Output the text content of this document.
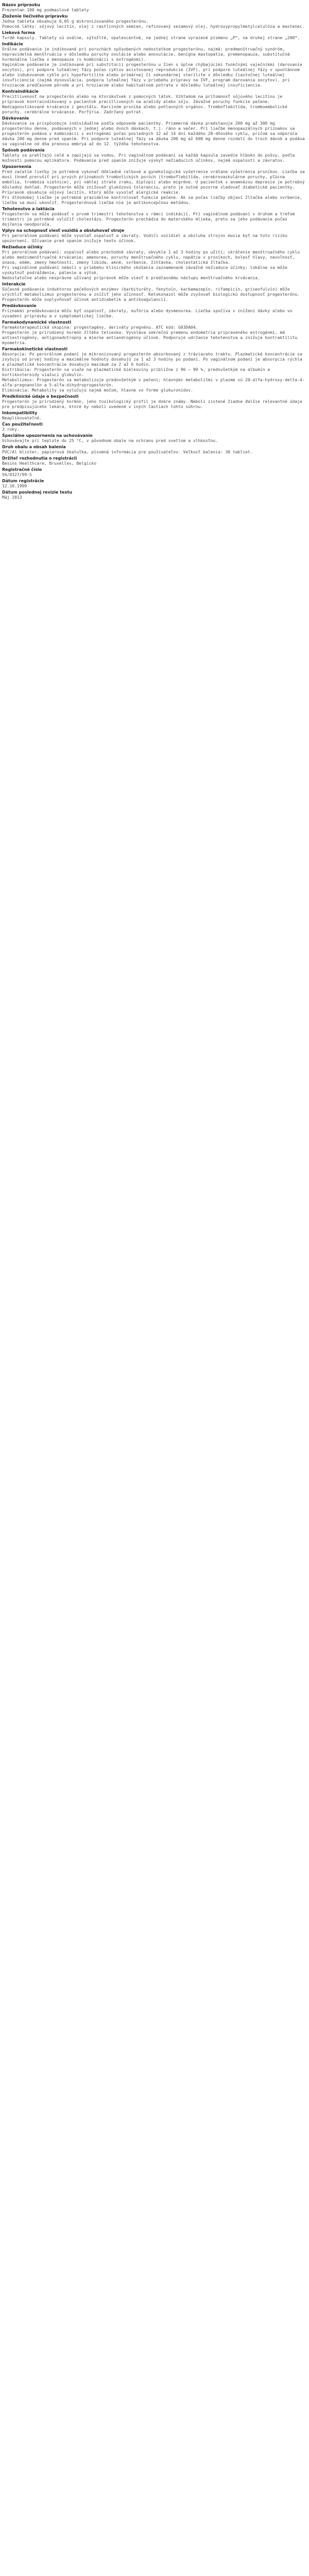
Názov prípravku
Prezentan 100 mg podmaslové tablety
Zloženie liečivého prípravku
Jedna tableta obsahuje 0,05 g mikronizovaného progesterónu.
Pomocné látky: sójový lecitín, olej z rastlinných semien, rafinovaný sezamový olej, hydroxypropylmetylcelulóza a mastenec.
Lieková forma
Tvrdé kapsuly. Tablety sú oválne, sýtožlté, opalescentné, na jednej strane vyrazené písmeno „P“, na druhej strane „200“.
Indikácie
Orálne podávanie je indikované pri poruchách spôsobených nedostatkom progesterónu, najmä: predmenštruačný syndróm, nepravidelná menštruácia v dôsledku poruchy ovulácie alebo anovulácie, benígna mastopatia, premenopauza, substitučná hormonálna liečba v menopauze (v kombinácii s estrogénmi).
Vaginálne podávanie je indikované pri substitúcii progesterónu u žien s úplne chýbajúcimi funkčnými vaječníkmi (darovanie oocytov), pri podpore luteálnej fázy počas cyklov asistovanej reprodukcie (IVF), pri podpore luteálnej fázy v spontánnom alebo indukovanom cykle pri hypofertilite alebo primárnej či sekundárnej sterilite v dôsledku čiastočnej luteálnej insuficiencie (najmä dysovulácia, podpora luteálnej fázy v priebehu prípravy na IVF, program darovania oocytov), pri hroziacom predčasnom pôrode a pri hroziacom alebo habituálnom potrate v dôsledku luteálnej insuficiencie.
Kontraindikácie
Precitlivenosť na progesterón alebo na ktorúkoľvek z pomocných látok. Vzhľadom na prítomnosť sójového lecitínu je prípravok kontraindikovaný u pacientok precitlivených na arašidy alebo sóju. Závažné poruchy funkcie pečene. Nediagnostikované krvácanie z genitálu. Karcinóm prsníka alebo pohlavných orgánov. Tromboflebitída, tromboembolické poruchy, cerebrálne krvácanie. Porfýria. Zadržaný potrat.
Dávkovanie
Dávkovanie sa prispôsobuje individuálne podľa odpovede pacientky. Priemerná dávka predstavuje 200 mg až 300 mg progesterónu denne, podávaných v jednej alebo dvoch dávkach, t.j. ráno a večer. Pri liečbe menopauzálnych príznakov sa progesterón podáva v kombinácii s estrogénmi počas posledných 12 až 14 dní každého 28-dňového cyklu, pričom sa odporúča dávka 200 mg denne pred spaním. Pri podpore luteálnej fázy sa dávka 200 mg až 600 mg denne rozdelí do troch dávok a podáva sa vaginálne od dňa prenosu embrya až do 12. týždňa tehotenstva.
Spôsob podávania
Tablety sa prehĺtajú celé a zapíjajú sa vodou. Pri vaginálnom podávaní sa každá kapsula zavedie hlboko do pošvy, podľa možnosti pomocou aplikátora. Podávanie pred spaním znižuje výskyt nežiaducich účinkov, najmä ospalosti a závratov.
Upozornenia
Pred začatím liečby je potrebné vykonať dôkladné celkové a gynekologické vyšetrenie vrátane vyšetrenia prsníkov. Liečba sa musí ihneď prerušiť pri prvých príznakoch trombotických porúch (tromboflebitída, cerebrovaskulárne poruchy, pľúcna embólia, trombóza sietnice), pri náhlej strate zraku, diplopii alebo migréne. U pacientok s anamnézou depresie je potrebný dôsledný dohľad. Progesterón môže znižovať glukózovú toleranciu, preto je nutné pozorne sledovať diabetické pacientky. Prípravok obsahuje sójový lecitín, ktorý môže vyvolať alergické reakcie.
Pri dlhodobej liečbe je potrebné pravidelne kontrolovať funkcie pečene. Ak sa počas liečby objaví žltačka alebo svrbenie, liečba sa musí ukončiť. Progesterónová liečba nie je antikoncepčnou metódou.
Tehotenstvo a laktácia
Progesterón sa môže podávať v prvom trimestri tehotenstva v rámci indikácií. Pri vaginálnom podávaní v druhom a treťom trimestri je potrebné vylúčiť cholestázu. Progesterón prechádza do materského mlieka, preto sa jeho podávanie počas dojčenia neodporúča.
Vplyv na schopnosť viesť vozidlá a obsluhovať stroje
Pri perorálnom podávaní môže vyvolať ospalosť a závraty. Vodiči vozidiel a obsluha strojov musia byť na toto riziko upozornení. Užívanie pred spaním znižuje tento účinok.
Nežiaduce účinky
Pri perorálnom podávaní: ospalosť alebo prechodné závraty, obvykle 1 až 3 hodiny po užití; skrátenie menštruačného cyklu alebo medzimenštruačné krvácanie; amenorea, poruchy menštruačného cyklu, napätie v prsníkoch, bolesť hlavy, nevoľnosť, únava, edém, zmeny hmotnosti, zmeny libida, akné, svrbenie, žihľavka, cholestatická žltačka.
Pri vaginálnom podávaní neboli v priebehu klinického skúšania zaznamenané závažné nežiaduce účinky; lokálne sa môže vyskytnúť podráždenie, pálenie a výtok.
Nedostatočne alebo nesprávne užívaný prípravok môže viesť k predčasnému nástupu menštruačného krvácania.
Interakcie
Súčasné podávanie induktorov pečeňových enzýmov (barbituráty, fenytoín, karbamazepín, rifampicín, griseofulvín) môže urýchliť metabolizmus progesterónu a znížiť jeho účinnosť. Ketokonazol môže zvyšovať biologickú dostupnosť progesterónu. Progesterón môže ovplyvňovať účinok antidiabetík a antikoagulancií.
Predávkovanie
Príznakmi predávkovania môžu byť ospalosť, závraty, eufória alebo dysmenorea. Liečba spočíva v znížení dávky alebo vo vysadení prípravku a v symptomatickej liečbe.
Farmakodynamické vlastnosti
Farmakoterapeutická skupina: progestagény, deriváty pregnénu. ATC kód: G03DA04.
Progesterón je prirodzený hormón žltého telieska. Vyvoláva sekrečnú premenu endometria pripraveného estrogénmi, má antiestrogénny, antigonadotropný a mierne antiandrogénny účinok. Podporuje udržanie tehotenstva a znižuje kontraktilitu myometria.
Farmakokinetické vlastnosti
Absorpcia: Po perorálnom podaní je mikronizovaný progesterón absorbovaný z tráviaceho traktu. Plazmatické koncentrácie sa zvyšujú od prvej hodiny a maximálne hodnoty dosahujú za 1 až 3 hodiny po podaní. Po vaginálnom podaní je absorpcia rýchla a plazmatické koncentrácie dosahujú maximum za 2 až 6 hodín.
Distribúcia: Progesterón sa viaže na plazmatické bielkoviny približne z 96 – 99 %, predovšetkým na albumín a kortikosteroidy viažuci globulín.
Metabolizmus: Progesterón sa metabolizuje predovšetkým v pečeni; hlavnými metabolitmi v plazme sú 20-alfa-hydroxy-delta-4-alfa-pregnanolón a 5-alfa-dihydroprogesterón.
Eliminácia: Metabolity sa vylučujú najmä močom, hlavne vo forme glukuronidov.
Predklinické údaje o bezpečnosti
Progesterón je prirodzený hormón, jeho toxikologický profil je dobre známy. Neboli zistené žiadne ďalšie relevantné údaje pre predpisujúceho lekára, ktoré by neboli uvedené v iných častiach tohto súhrnu.
Inkompatibility
Neaplikovateľné.
Čas použiteľnosti
3 roky.
Špeciálne upozornenia na uchovávanie
Uchovávajte pri teplote do 25 °C, v pôvodnom obale na ochranu pred svetlom a vlhkosťou.
Druh obalu a obsah balenia
PVC/Al blister, papierová škatuľka, písomná informácia pre používateľov. Veľkosť balenia: 30 tabliet.
Držiteľ rozhodnutia o registrácii
Besins Healthcare, Bruxelles, Belgicko
Registračné číslo
56/0327/99-S
Dátum registrácie
12.10.1999
Dátum poslednej revízie textu
Máj 2013
